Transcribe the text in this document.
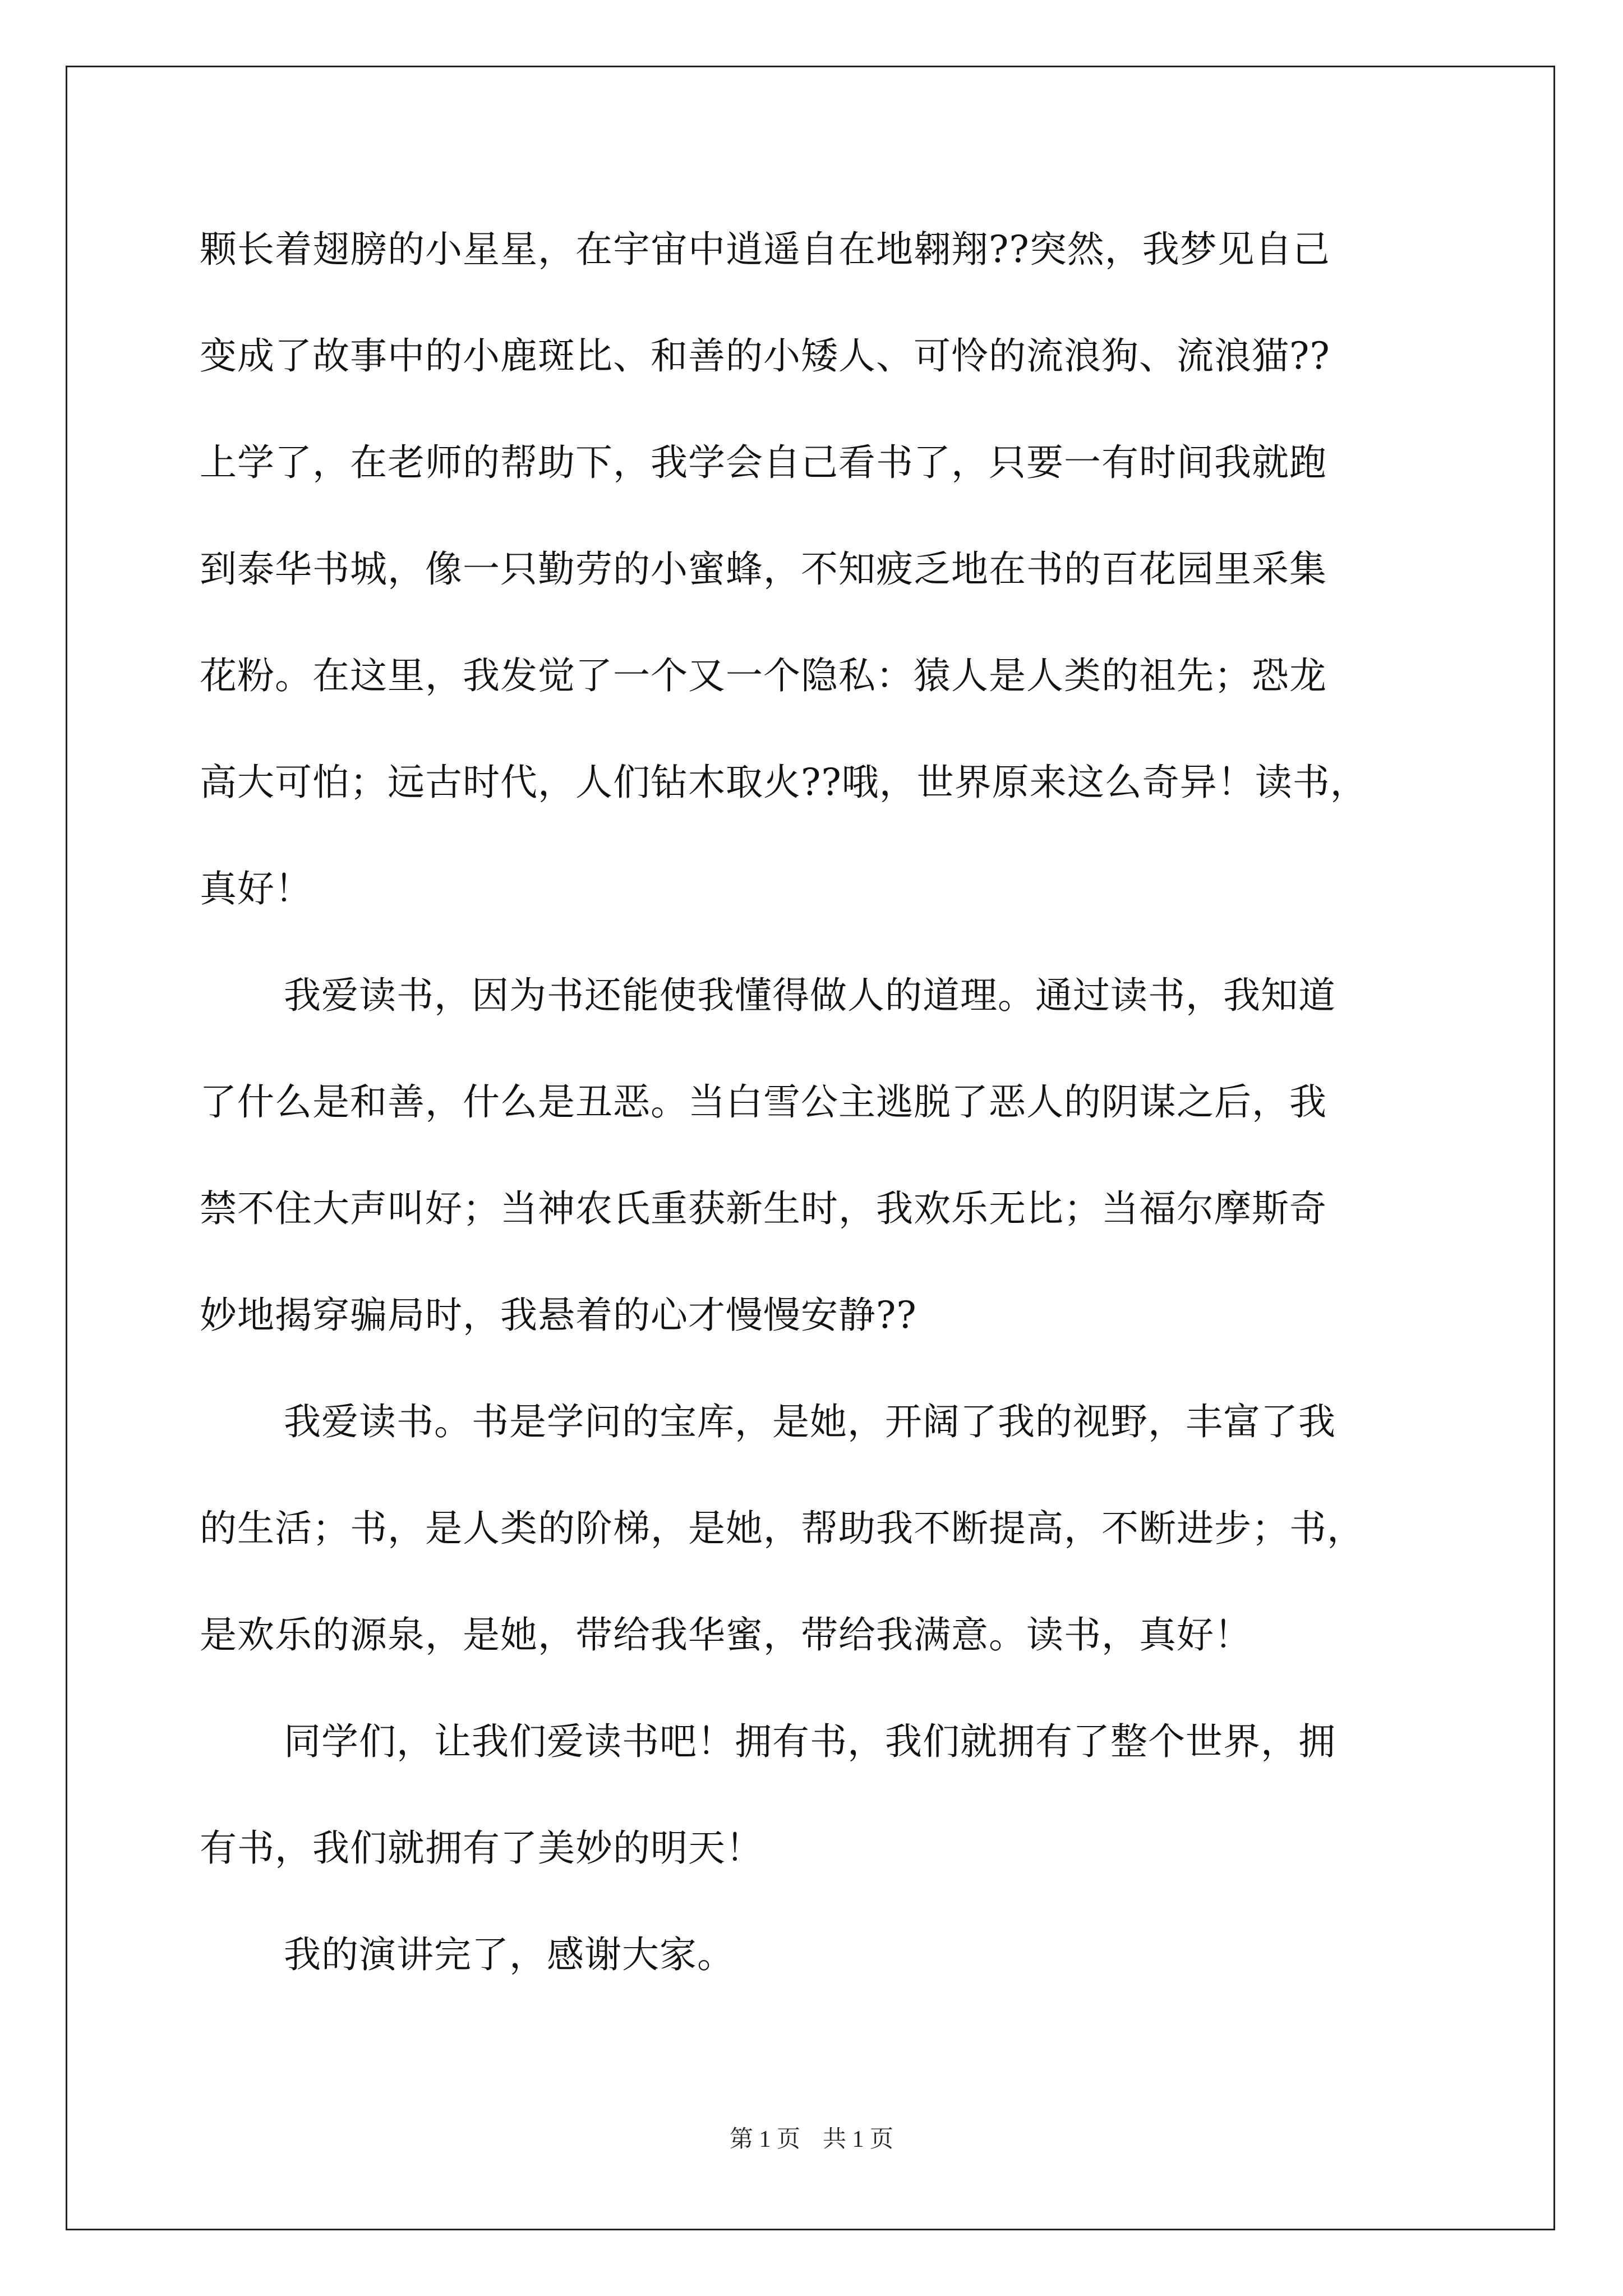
颗长着翅膀的小星星，在宇宙中逍遥自在地翱翔??突然，我梦见自己
变成了故事中的小鹿斑比、和善的小矮人、可怜的流浪狗、流浪猫??
上学了，在老师的帮助下，我学会自己看书了，只要一有时间我就跑
到泰华书城，像一只勤劳的小蜜蜂，不知疲乏地在书的百花园里采集
花粉。在这里，我发觉了一个又一个隐私：猿人是人类的祖先；恐龙
高大可怕；远古时代，人们钻木取火??哦，世界原来这么奇异！读书，
真好！
我爱读书，因为书还能使我懂得做人的道理。通过读书，我知道
了什么是和善，什么是丑恶。当白雪公主逃脱了恶人的阴谋之后，我
禁不住大声叫好；当神农氏重获新生时，我欢乐无比；当福尔摩斯奇
妙地揭穿骗局时，我悬着的心才慢慢安静??
我爱读书。书是学问的宝库，是她，开阔了我的视野，丰富了我
的生活；书，是人类的阶梯，是她，帮助我不断提高，不断进步；书，
是欢乐的源泉，是她，带给我华蜜，带给我满意。读书，真好！
同学们，让我们爱读书吧！拥有书，我们就拥有了整个世界，拥
有书，我们就拥有了美妙的明天！
我的演讲完了，感谢大家。
第 1 页 共 1 页
